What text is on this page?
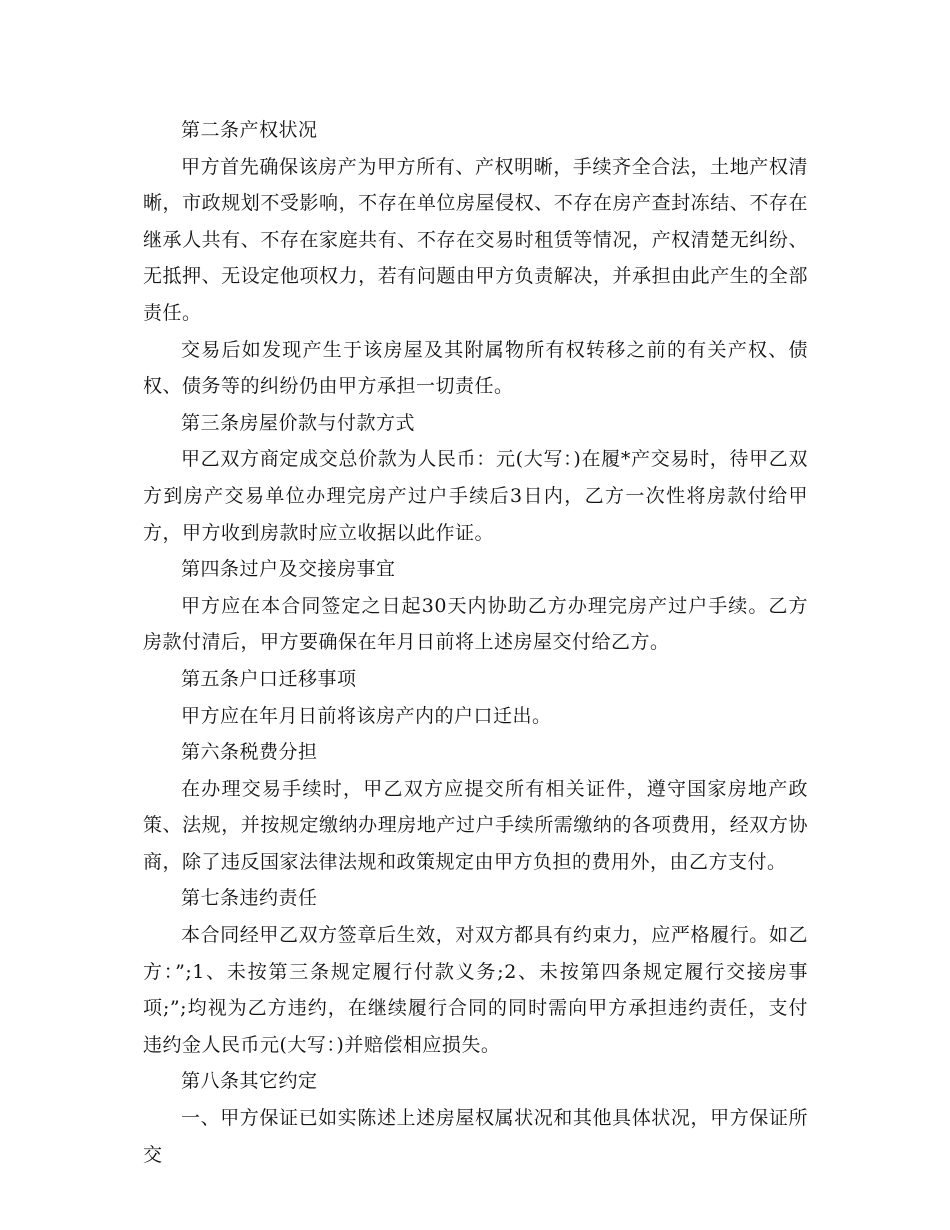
第二条产权状况

甲方首先确保该房产为甲方所有、产权明晰，手续齐全合法，土地产权清晰，市政规划不受影响，不存在单位房屋侵权、不存在房产查封冻结、不存在继承人共有、不存在家庭共有、不存在交易时租赁等情况，产权清楚无纠纷、无抵押、无设定他项权力，若有问题由甲方负责解决，并承担由此产生的全部责任。

交易后如发现产生于该房屋及其附属物所有权转移之前的有关产权、债权、债务等的纠纷仍由甲方承担一切责任。

第三条房屋价款与付款方式

甲乙双方商定成交总价款为人民币：元(大写：)在履*产交易时，待甲乙双方到房产交易单位办理完房产过户手续后3日内，乙方一次性将房款付给甲方，甲方收到房款时应立收据以此作证。

第四条过户及交接房事宜

甲方应在本合同签定之日起30天内协助乙方办理完房产过户手续。乙方房款付清后，甲方要确保在年月日前将上述房屋交付给乙方。

第五条户口迁移事项

甲方应在年月日前将该房产内的户口迁出。

第六条税费分担

在办理交易手续时，甲乙双方应提交所有相关证件，遵守国家房地产政策、法规，并按规定缴纳办理房地产过户手续所需缴纳的各项费用，经双方协商，除了违反国家法律法规和政策规定由甲方负担的费用外，由乙方支付。

第七条违约责任

本合同经甲乙双方签章后生效，对双方都具有约束力，应严格履行。如乙方：”;1、未按第三条规定履行付款义务;2、未按第四条规定履行交接房事项;”;均视为乙方违约，在继续履行合同的同时需向甲方承担违约责任，支付违约金人民币元(大写：)并赔偿相应损失。

第八条其它约定

一、甲方保证已如实陈述上述房屋权属状况和其他具体状况，甲方保证所交
